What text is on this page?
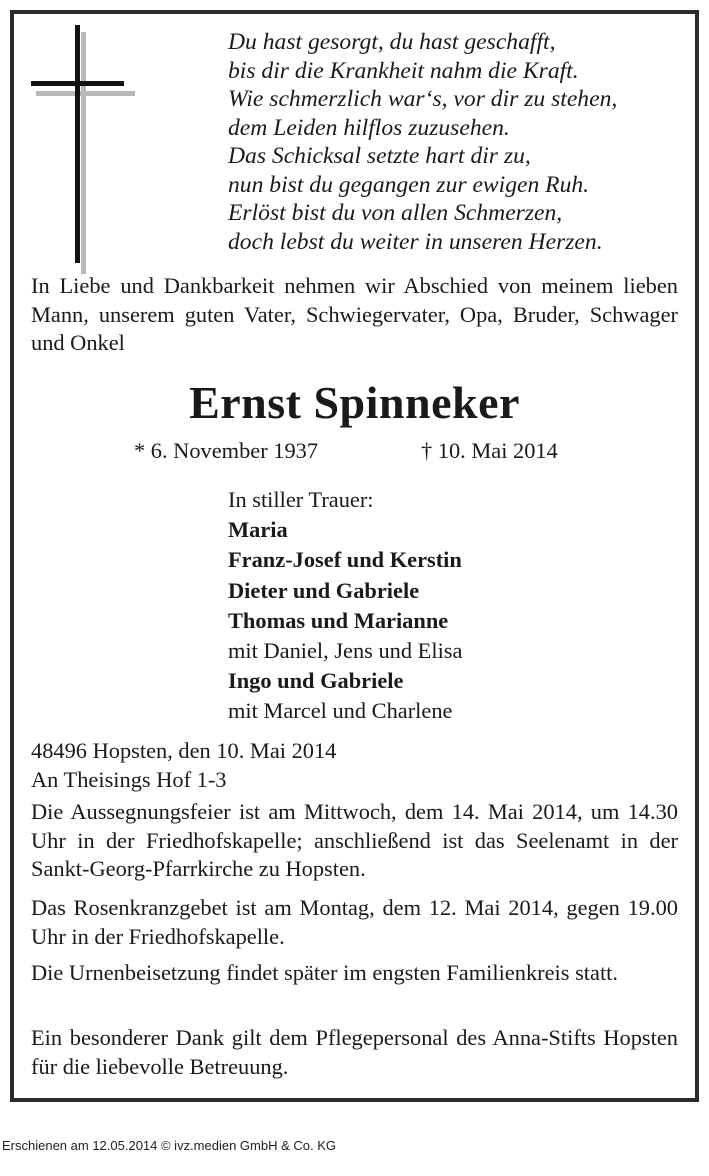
Du hast gesorgt, du hast geschafft,
bis dir die Krankheit nahm die Kraft.
Wie schmerzlich war‘s, vor dir zu stehen,
dem Leiden hilflos zuzusehen.
Das Schicksal setzte hart dir zu,
nun bist du gegangen zur ewigen Ruh.
Erlöst bist du von allen Schmerzen,
doch lebst du weiter in unseren Herzen.
In Liebe und Dankbarkeit nehmen wir Abschied von meinem lieben Mann, unserem guten Vater, Schwiegervater, Opa, Bruder, Schwager und Onkel
Ernst Spinneker
* 6. November 1937	† 10. Mai 2014
In stiller Trauer:
Maria
Franz-Josef und Kerstin
Dieter und Gabriele
Thomas und Marianne
mit Daniel, Jens und Elisa
Ingo und Gabriele
mit Marcel und Charlene
48496 Hopsten, den 10. Mai 2014
An Theisings Hof 1-3
Die Aussegnungsfeier ist am Mittwoch, dem 14. Mai 2014, um 14.30 Uhr in der Friedhofskapelle; anschließend ist das Seelenamt in der Sankt-Georg-Pfarrkirche zu Hopsten.
Das Rosenkranzgebet ist am Montag, dem 12. Mai 2014, gegen 19.00 Uhr in der Friedhofskapelle.
Die Urnenbeisetzung findet später im engsten Familienkreis statt.
Ein besonderer Dank gilt dem Pflegepersonal des Anna-Stifts Hopsten für die liebevolle Betreuung.
Erschienen am 12.05.2014 © ivz.medien GmbH & Co. KG
